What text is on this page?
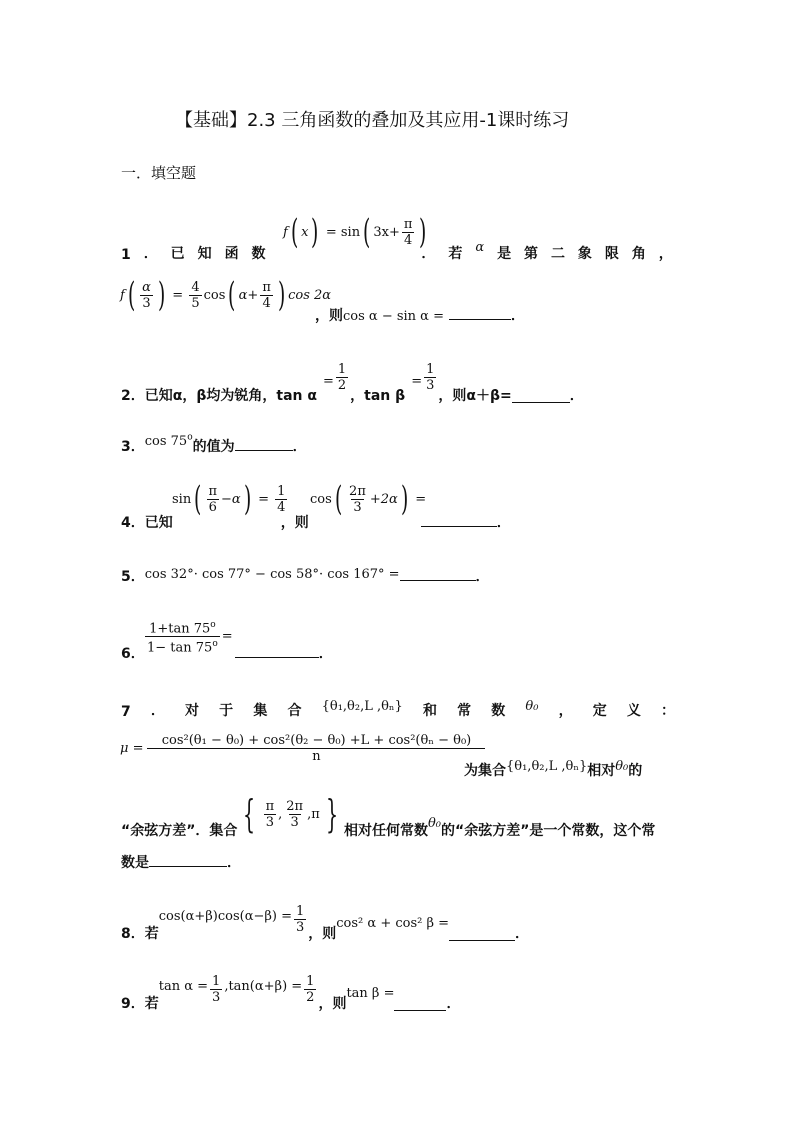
【基础】2.3 三角函数的叠加及其应用-1课时练习
一．填空题
f ( x )
=
sin ( $3x+ \frac{\pi}{4}$ )
1 ． 已 知 函 数	． 若 α 是 第 二 象 限 角 ，
f ( $\frac{\alpha}{3}$ )
=
$\frac{4}{5}$ cos ( $\alpha+ \frac{\pi}{4}$ ) cos 2α
，则cos α − sin α =	．
2．已知α，β均为锐角，tan α
= $\frac{1}{2}$
，tan β
= $\frac{1}{3}$
，则α＋β=	．
3．cos 75$^o$的值为	．
sin ( $\frac{\pi}{6} -\alpha$ )
=
$\frac{1}{4}$ cos ( $\frac{2\pi}{3} +2\alpha$ )
=
4．已知	，则	．
5．cos 32°· cos 77° − cos 58°· cos 167° =	．
$\frac{1+\tan 75^o}{1- \tan 75^o}$ =
6．	．
7 ． 对 于 集 合 {θ₁,θ₂,L ,θₙ} 和 常 数 θ₀ ， 定 义 ：
$\mu = \frac{\text{cos²(θ₁ − θ₀) + cos²(θ₂ − θ₀) +L + cos²(θₙ − θ₀)}}{n}$
为集合{θ₁,θ₂,L ,θₙ}相对θ₀的
“余弦方差”．集合 { $\frac{\pi}{3}$ , $\frac{2\pi}{3} ,\pi$ } 相对任何常数 θ₀ 的“余弦方差”是一个常数，这个常
数是	．
8．若
$\cos(\alpha+\beta)\cos(\alpha-\beta) = \frac{1}{3}$ ，则
cos² α + cos² β =
．
9．若
$\tan \alpha = \frac{1}{3} ,\tan(\alpha+\beta) = \frac{1}{2}$ ，则
tan β =
．
